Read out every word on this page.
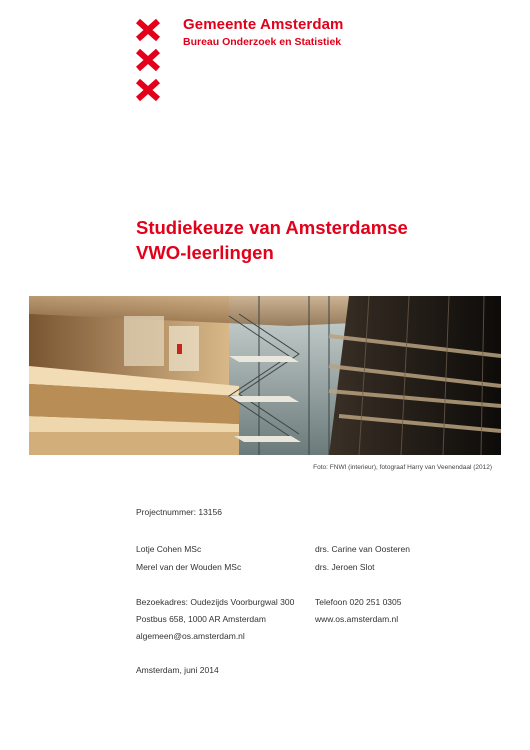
Gemeente Amsterdam
Bureau Onderzoek en Statistiek
Studiekeuze van Amsterdamse
VWO-leerlingen
Foto: FNWI (interieur), fotograaf Harry van Veenendaal (2012)
Projectnummer: 13156
Lotje Cohen MSc
Merel van der Wouden MSc
drs. Carine van Oosteren
drs. Jeroen Slot
Bezoekadres: Oudezijds Voorburgwal 300 Telefoon 020 251 0305
Postbus 658, 1000 AR Amsterdam	www.os.amsterdam.nl
algemeen@os.amsterdam.nl
Amsterdam, juni 2014
